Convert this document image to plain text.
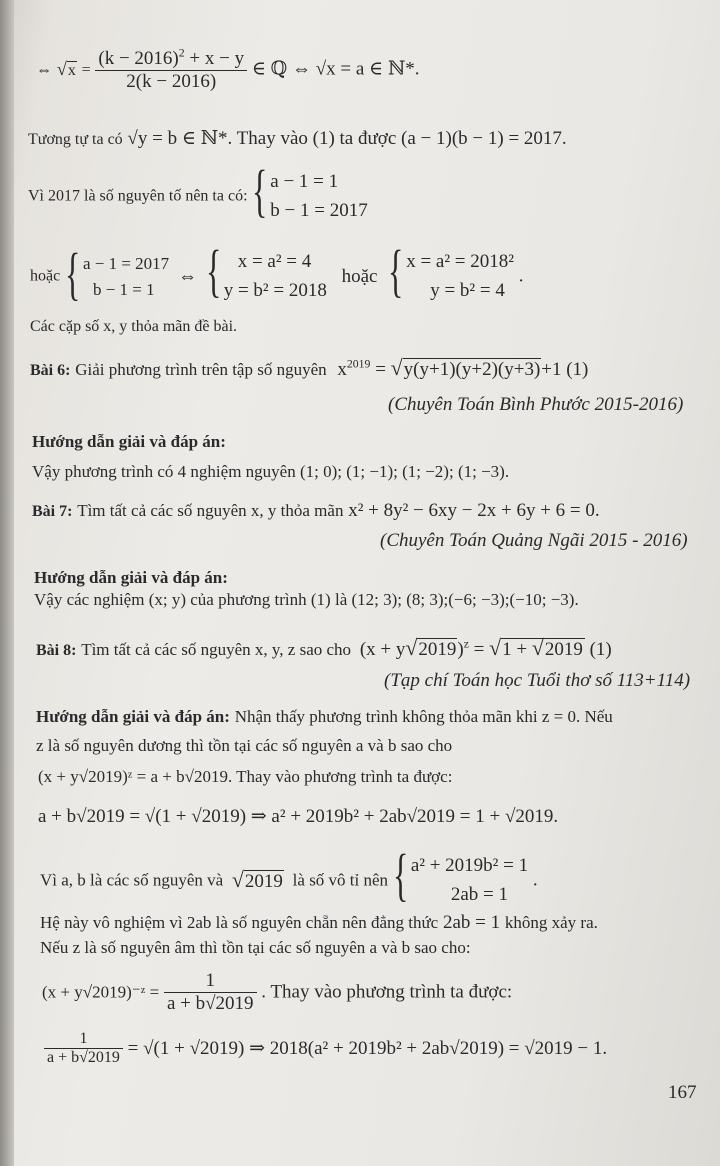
⇔ $√x = \frac{(k - 2016)^2 + x - y}{2(k - 2016)}$ ∈ ℚ ⇔ √x = a ∈ ℕ*.
Tương tự ta có √y = b ∈ ℕ*. Thay vào (1) ta được (a − 1)(b − 1) = 2017.
Vì 2017 là số nguyên tố nên ta có: { a − 1 = 1
b − 1 = 2017
hoặc { a − 1 = 2017
b − 1 = 1
⇔ { x = a² = 4
y = b² = 2018
hoặc { x = a² = 2018²
y = b² = 4
.
Các cặp số x, y thỏa mãn đề bài.
Bài 6: Giải phương trình trên tập số nguyên $x^{2019} = √y(y+1)(y+2)(y+3)+1$ (1)
(Chuyên Toán Bình Phước 2015-2016)
Hướng dẫn giải và đáp án:
Vậy phương trình có 4 nghiệm nguyên (1; 0); (1; −1); (1; −2); (1; −3).
Bài 7: Tìm tất cả các số nguyên x, y thỏa mãn x² + 8y² − 6xy − 2x + 6y + 6 = 0.
(Chuyên Toán Quảng Ngãi 2015 - 2016)
Hướng dẫn giải và đáp án:
Vậy các nghiệm (x; y) của phương trình (1) là (12; 3); (8; 3);(−6; −3);(−10; −3).
Bài 8: Tìm tất cả các số nguyên x, y, z sao cho $(x + y√2019)^z = √1 + √2019$ (1)
(Tạp chí Toán học Tuổi thơ số 113+114)
Hướng dẫn giải và đáp án: Nhận thấy phương trình không thỏa mãn khi z = 0. Nếu
z là số nguyên dương thì tồn tại các số nguyên a và b sao cho
(x + y√2019)ᶻ = a + b√2019. Thay vào phương trình ta được:
a + b√2019 = √(1 + √2019) ⇒ a² + 2019b² + 2ab√2019 = 1 + √2019.
Vì a, b là các số nguyên và √2019 là số vô tỉ nên { a² + 2019b² = 1
2ab = 1
.
Hệ này vô nghiệm vì 2ab là số nguyên chẵn nên đẳng thức 2ab = 1 không xảy ra.
Nếu z là số nguyên âm thì tồn tại các số nguyên a và b sao cho:
(x + y√2019)⁻ᶻ = $\frac{1}{a + b√2019}$ . Thay vào phương trình ta được:
$\frac{1}{a + b√2019} = √(1 + √2019)$ ⇒ 2018(a² + 2019b² + 2ab√2019) = √2019 − 1.
167
